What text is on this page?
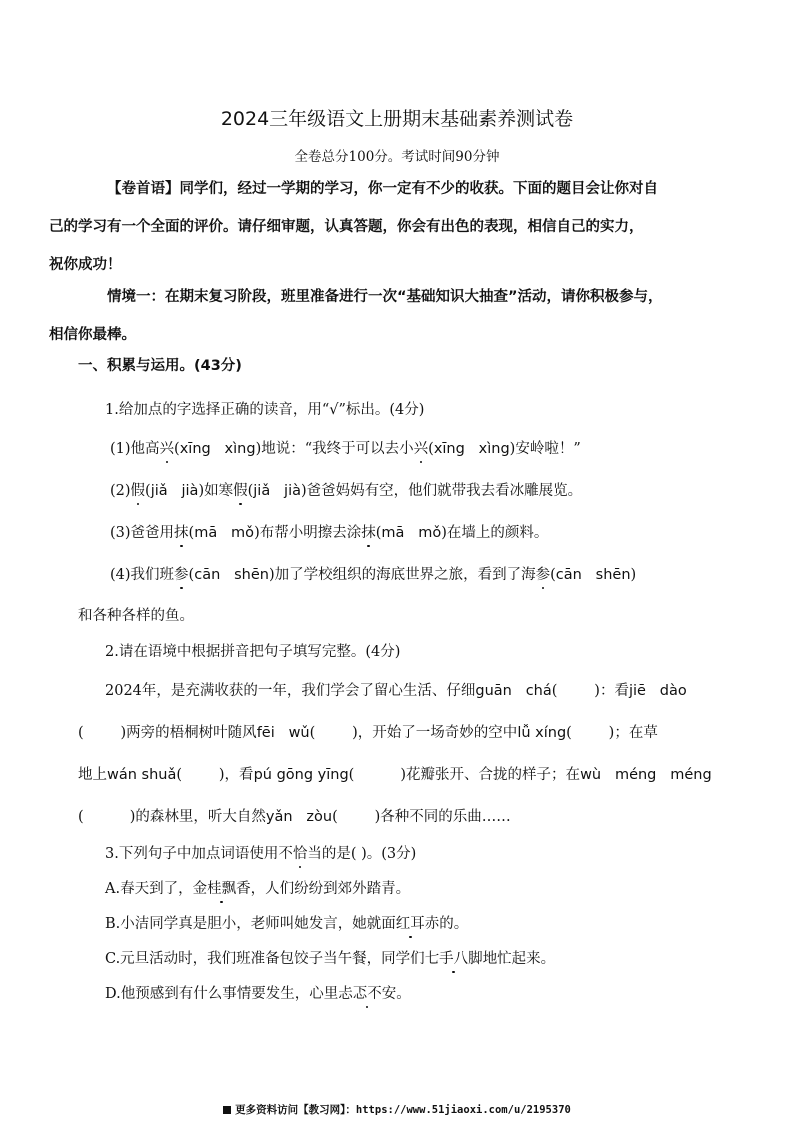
2024三年级语文上册期末基础素养测试卷
全卷总分100分。考试时间90分钟
【卷首语】同学们，经过一学期的学习，你一定有不少的收获。下面的题目会让你对自
己的学习有一个全面的评价。请仔细审题，认真答题，你会有出色的表现，相信自己的实力，
祝你成功！
情境一：在期末复习阶段，班里准备进行一次“基础知识大抽查”活动，请你积极参与，
相信你最棒。
一、积累与运用。(43分)
1.给加点的字选择正确的读音，用“√”标出。(4分)
(1)他高兴(xīng   xìng)地说：“我终于可以去小兴(xīng   xìng)安岭啦！”
(2)假(jiǎ   jià)如寒假(jiǎ   jià)爸爸妈妈有空，他们就带我去看冰雕展览。
(3)爸爸用抹(mā   mǒ)布帮小明擦去涂抹(mā   mǒ)在墙上的颜料。
(4)我们班参(cān   shēn)加了学校组织的海底世界之旅，看到了海参(cān   shēn)
和各种各样的鱼。
2.请在语境中根据拼音把句子填写完整。(4分)
2024年，是充满收获的一年，我们学会了留心生活、仔细guān   chá(        )：看jiē   dào
(        )两旁的梧桐树叶随风fēi   wǔ(        )，开始了一场奇妙的空中lǚ xíng(        )；在草
地上wán shuǎ(        )，看pú gōng yīng(          )花瓣张开、合拢的样子；在wù   méng   méng
(          )的森林里，听大自然yǎn   zòu(        )各种不同的乐曲……
3.下列句子中加点词语使用不恰当的是( )。(3分)
A.春天到了，金桂飘香，人们纷纷到郊外踏青。
B.小洁同学真是胆小，老师叫她发言，她就面红耳赤的。
C.元旦活动时，我们班准备包饺子当午餐，同学们七手八脚地忙起来。
D.他预感到有什么事情要发生，心里忐忑不安。
更多资料访问【教习网】：https://www.51jiaoxi.com/u/2195370
